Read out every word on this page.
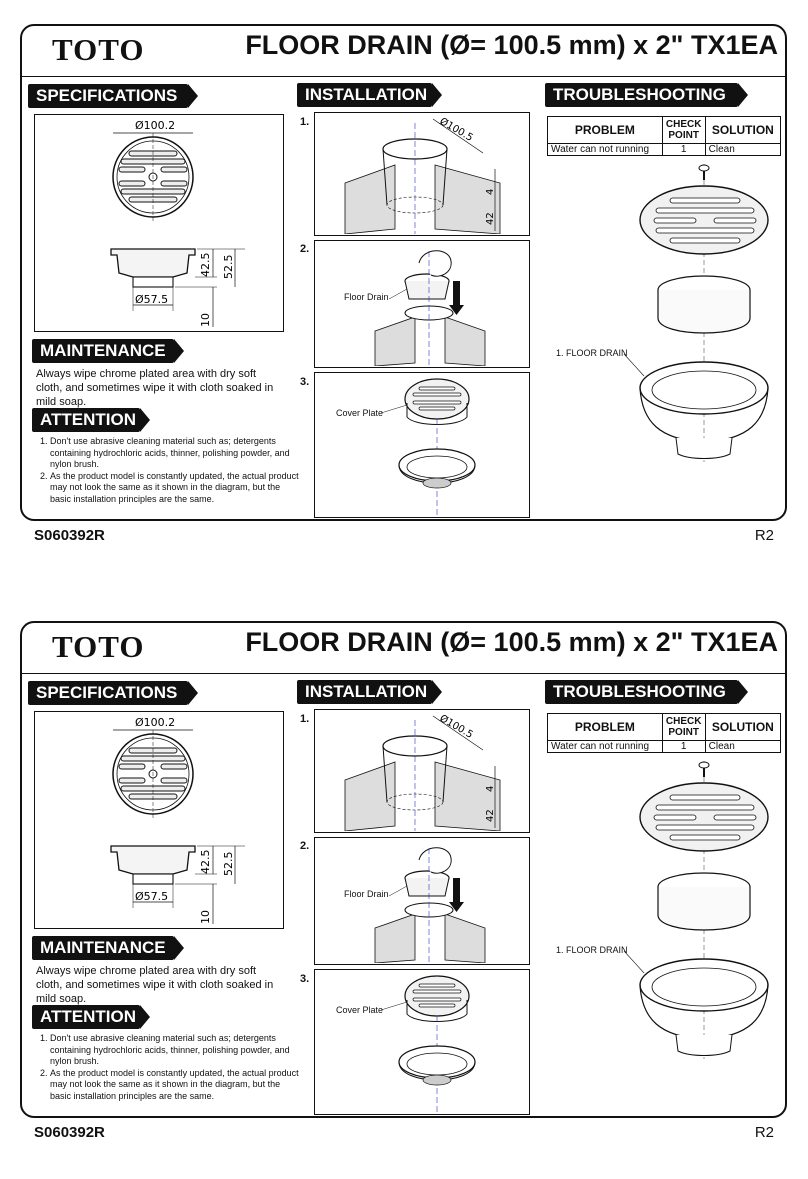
TOTO	FLOOR DRAIN (Ø= 100.5 mm) x 2" TX1EA
SPECIFICATIONS
Ø100.2
Ø57.5
42.5 52.5
10
MAINTENANCE
Always wipe chrome plated area with dry soft cloth, and sometimes wipe it with cloth soaked in mild soap.
ATTENTION
1. Don't use abrasive cleaning material such as; detergents containing hydrochloric acids, thinner, polishing powder, and nylon brush.
2. As the product model is constantly updated, the actual product may not look the same as it shown in the diagram, but the basic installation principles are the same.
INSTALLATION
1.	Ø100.5
4
42
2.
Floor Drain
3.
Cover Plate
TROUBLESHOOTING
PROBLEM	CHECK POINT	SOLUTION
Water can not running	1	Clean
1. FLOOR DRAIN
S060392R	R2
TOTO	FLOOR DRAIN (Ø= 100.5 mm) x 2" TX1EA
SPECIFICATIONS
Ø100.2
Ø57.5
42.5 52.5
10
MAINTENANCE
Always wipe chrome plated area with dry soft cloth, and sometimes wipe it with cloth soaked in mild soap.
ATTENTION
1. Don't use abrasive cleaning material such as; detergents containing hydrochloric acids, thinner, polishing powder, and nylon brush.
2. As the product model is constantly updated, the actual product may not look the same as it shown in the diagram, but the basic installation principles are the same.
INSTALLATION
1.	Ø100.5
4
42
2.
Floor Drain
3.
Cover Plate
TROUBLESHOOTING
PROBLEM	CHECK POINT	SOLUTION
Water can not running	1	Clean
1. FLOOR DRAIN
S060392R	R2
